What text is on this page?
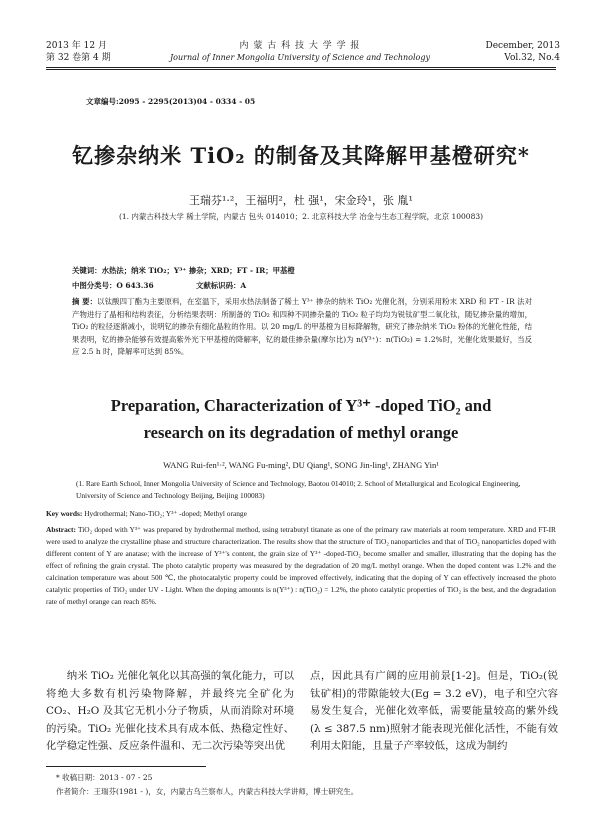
2013 年 12 月
第 32 卷第 4 期
内 蒙 古 科 技 大 学 学 报
Journal of Inner Mongolia University of Science and Technology
December, 2013
Vol.32, No.4
文章编号:2095 - 2295(2013)04 - 0334 - 05
钇掺杂纳米 TiO₂ 的制备及其降解甲基橙研究*
王瑞芬¹·²，王福明²，杜 强¹，宋金玲¹，张 胤¹
(1. 内蒙古科技大学 稀土学院，内蒙古 包头 014010；2. 北京科技大学 冶金与生态工程学院，北京 100083)
关键词：水热法；纳米 TiO₂；Y³⁺ 掺杂；XRD；FT - IR；甲基橙
中图分类号：O 643.36	文献标识码：A
摘 要：以钛酸四丁酯为主要原料，在室温下，采用水热法制备了稀土 Y³⁺ 掺杂的纳米 TiO₂ 光催化剂，分别采用粉末 XRD 和 FT - IR 法对产物进行了晶相和结构表征，分析结果表明：所制备的 TiO₂ 和四种不同掺杂量的 TiO₂ 粒子均均为锐钛矿型二氧化钛，随钇掺杂量的增加，TiO₂ 的粒径逐渐减小，说明钇的掺杂有细化晶粒的作用。以 20 mg/L 的甲基橙为目标降解物，研究了掺杂纳米 TiO₂ 粉体的光催化性能，结果表明，钇的掺杂能够有效提高紫外光下甲基橙的降解率，钇的最佳掺杂量(摩尔比)为 n(Y³⁺)：n(TiO₂) = 1.2%时，光催化效果最好，当反应 2.5 h 时，降解率可达到 85%。
Preparation, Characterization of Y³⁺ -doped TiO₂ and
research on its degradation of methyl orange
WANG Rui-fen¹·², WANG Fu-ming², DU Qiang¹, SONG Jin-ling¹, ZHANG Yin¹
(1. Rare Earth School, Inner Mongolia University of Science and Technology, Baotou 014010; 2. School of Metallurgical and Ecological Engineering, University of Science and Technology Beijing, Beijing 100083)
Key words: Hydrothermal; Nano-TiO₂; Y³⁺ -doped; Methyl orange
Abstract: TiO₂ doped with Y³⁺ was prepared by hydrothermal method, using tetrabutyl titanate as one of the primary raw materials at room temperature. XRD and FT-IR were used to analyze the crystalline phase and structure characterization. The results show that the structure of TiO₂ nanoparticles and that of TiO₂ nanoparticles doped with different content of Y are anatase; with the increase of Y³⁺'s content, the grain size of Y³⁺ -doped-TiO₂ become smaller and smaller, illustrating that the doping has the effect of refining the grain crystal. The photo catalytic property was measured by the degradation of 20 mg/L methyl orange. When the doped content was 1.2% and the calcination temperature was about 500 ℃, the photocatalytic property could be improved effectively, indicating that the doping of Y can effectively increased the photo catalytic properties of TiO₂ under UV - Light. When the doping amounts is n(Y³⁺) : n(TiO₂) = 1.2%, the photo catalytic properties of TiO₂ is the best, and the degradation rate of methyl orange can reach 85%.
纳米 TiO₂ 光催化氧化以其高强的氧化能力，可以将绝大多数有机污染物降解，并最终完全矿化为 CO₂、H₂O 及其它无机小分子物质，从而消除对环境的污染。TiO₂ 光催化技术具有成本低、热稳定性好、化学稳定性强、反应条件温和、无二次污染等突出优
点，因此具有广阔的应用前景[1-2]。但是，TiO₂(锐钛矿相)的带隙能较大(Eg = 3.2 eV)，电子和空穴容易发生复合，光催化效率低，需要能量较高的紫外线(λ ≤ 387.5 nm)照射才能表现光催化活性，不能有效利用太阳能，且量子产率较低，这成为制约
* 收稿日期：2013 - 07 - 25
作者简介：王瑞芬(1981 - )，女，内蒙古乌兰察布人，内蒙古科技大学讲师，博士研究生。
